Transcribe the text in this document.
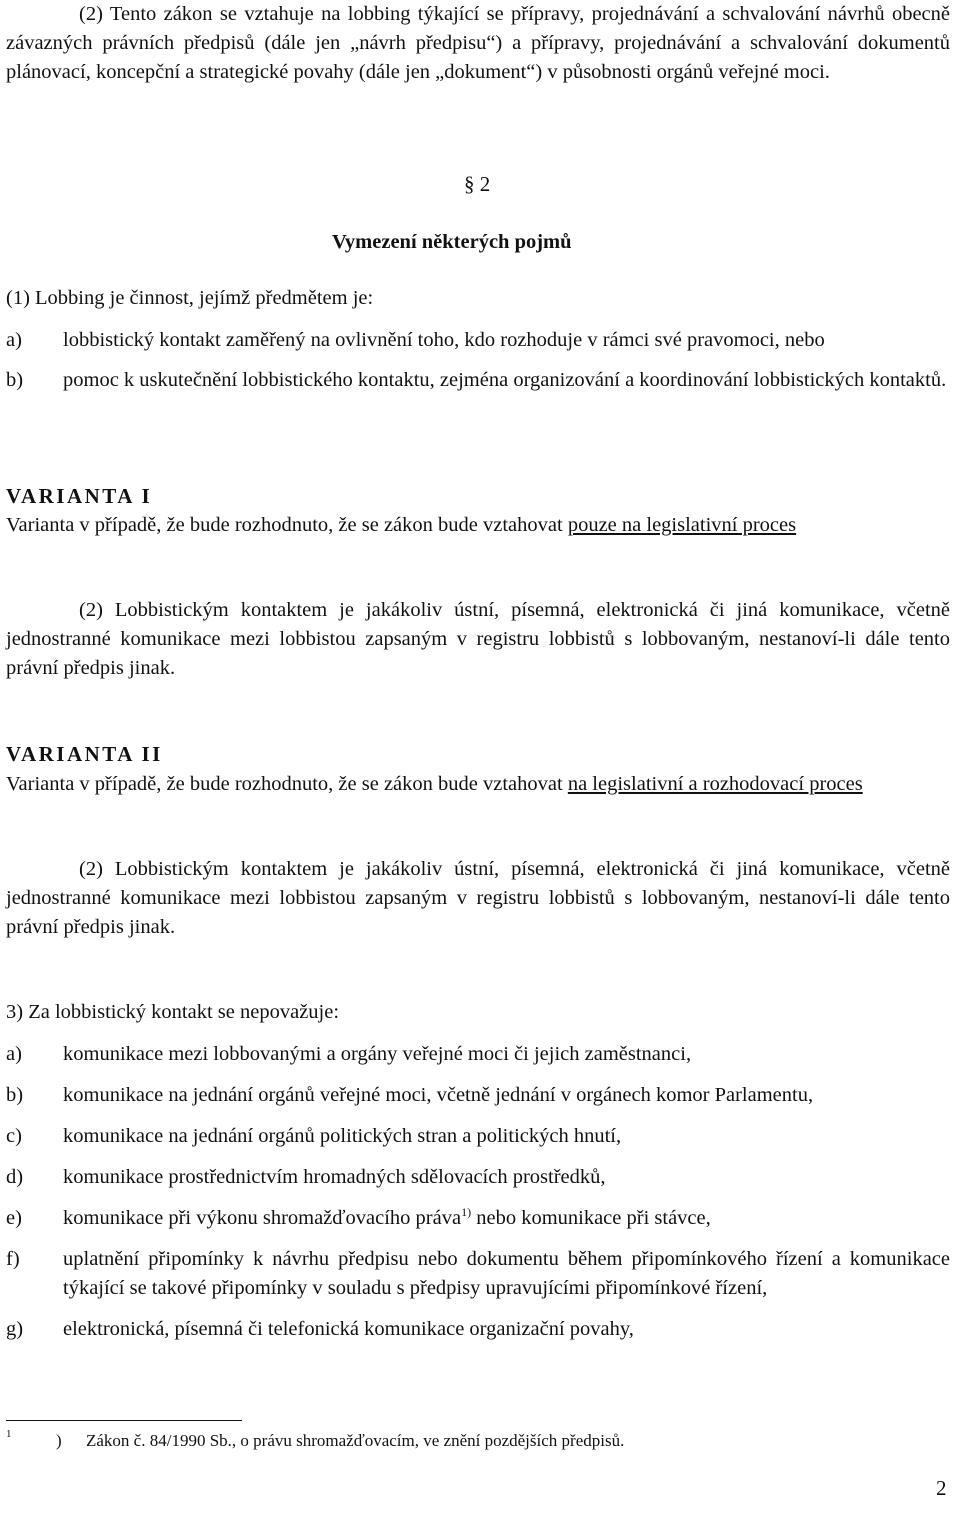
(2) Tento zákon se vztahuje na lobbing týkající se přípravy, projednávání a schvalování návrhů obecně závazných právních předpisů (dále jen „návrh předpisu“) a přípravy, projednávání a schvalování dokumentů plánovací, koncepční a strategické povahy (dále jen „dokument“) v působnosti orgánů veřejné moci.

§ 2
Vymezení některých pojmů

(1) Lobbing je činnost, jejímž předmětem je:

a) lobbistický kontakt zaměřený na ovlivnění toho, kdo rozhoduje v rámci své pravomoci, nebo
b) pomoc k uskutečnění lobbistického kontaktu, zejména organizování a koordinování lobbistických kontaktů.
VARIANTA I

Varianta v případě, že bude rozhodnuto, že se zákon bude vztahovat pouze na legislativní proces

(2) Lobbistickým kontaktem je jakákoliv ústní, písemná, elektronická či jiná komunikace, včetně jednostranné komunikace mezi lobbistou zapsaným v registru lobbistů s lobbovaným, nestanoví-li dále tento právní předpis jinak.

VARIANTA II

Varianta v případě, že bude rozhodnuto, že se zákon bude vztahovat na legislativní a rozhodovací proces

(2) Lobbistickým kontaktem je jakákoliv ústní, písemná, elektronická či jiná komunikace, včetně jednostranné komunikace mezi lobbistou zapsaným v registru lobbistů s lobbovaným, nestanoví-li dále tento právní předpis jinak.

3) Za lobbistický kontakt se nepovažuje:

a) komunikace mezi lobbovanými a orgány veřejné moci či jejich zaměstnanci,
b) komunikace na jednání orgánů veřejné moci, včetně jednání v orgánech komor Parlamentu,
c) komunikace na jednání orgánů politických stran a politických hnutí,
d) komunikace prostřednictvím hromadných sdělovacích prostředků,
e) komunikace při výkonu shromažďovacího práva$^{1)}$ nebo komunikace při stávce,
f) uplatnění připomínky k návrhu předpisu nebo dokumentu během připomínkového řízení a komunikace týkající se takové připomínky v souladu s předpisy upravujícími připomínkové řízení,
g) elektronická, písemná či telefonická komunikace organizační povahy,
1	) Zákon č. 84/1990 Sb., o právu shromažďovacím, ve znění pozdějších předpisů.
2
